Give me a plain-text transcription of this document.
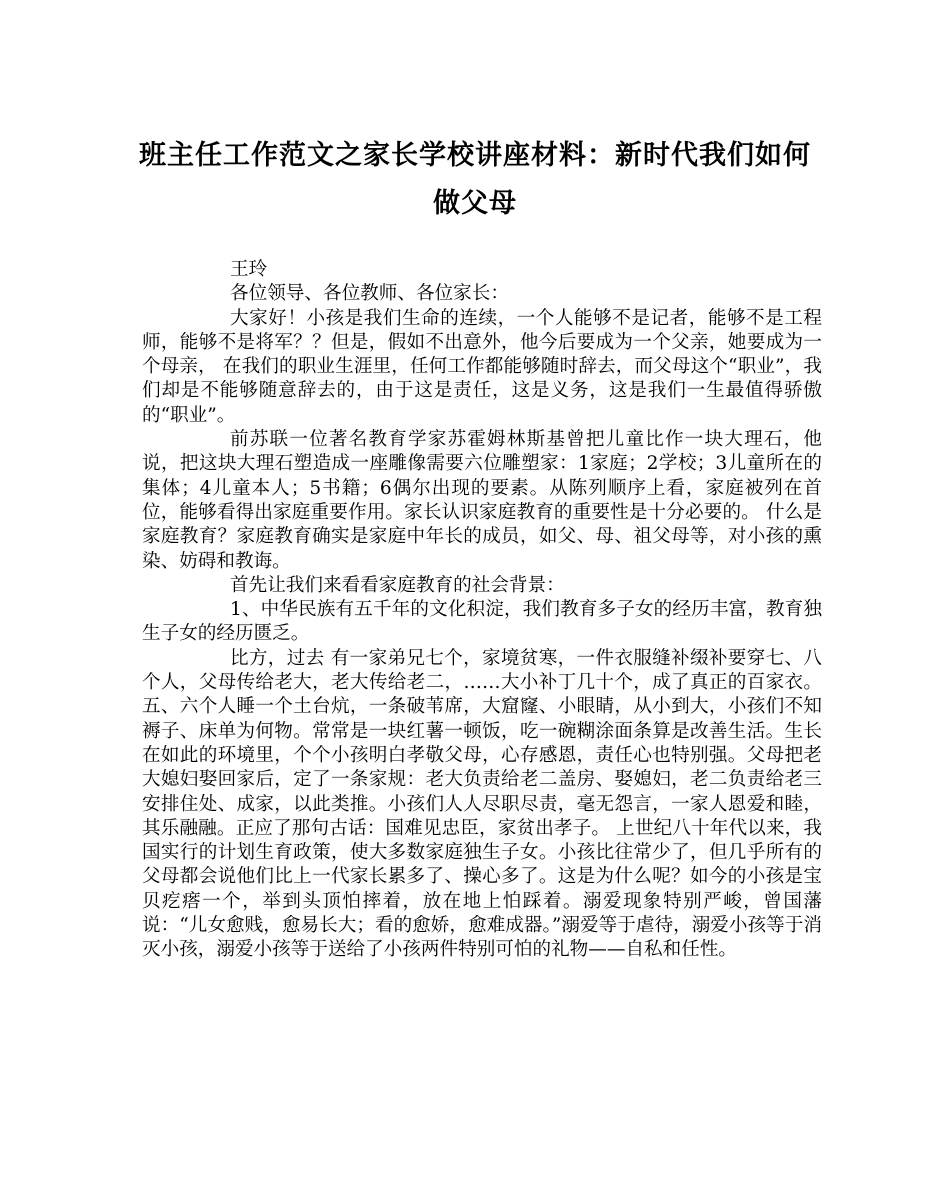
班主任工作范文之家长学校讲座材料：新时代我们如何做父母

王玲

各位领导、各位教师、各位家长：

大家好！小孩是我们生命的连续，一个人能够不是记者，能够不是工程师，能够不是将军？？但是，假如不出意外，他今后要成为一个父亲，她要成为一个母亲， 在我们的职业生涯里，任何工作都能够随时辞去，而父母这个“职业”，我们却是不能够随意辞去的，由于这是责任，这是义务，这是我们一生最值得骄傲的“职业”。

前苏联一位著名教育学家苏霍姆林斯基曾把儿童比作一块大理石，他说，把这块大理石塑造成一座雕像需要六位雕塑家：1家庭；2学校；3儿童所在的集体；4儿童本人；5书籍；6偶尔出现的要素。从陈列顺序上看，家庭被列在首位，能够看得出家庭重要作用。家长认识家庭教育的重要性是十分必要的。 什么是家庭教育？家庭教育确实是家庭中年长的成员，如父、母、祖父母等，对小孩的熏染、妨碍和教诲。

首先让我们来看看家庭教育的社会背景：

1、中华民族有五千年的文化积淀，我们教育多子女的经历丰富，教育独生子女的经历匮乏。

比方，过去 有一家弟兄七个，家境贫寒，一件衣服缝补缀补要穿七、八个人，父母传给老大，老大传给老二，……大小补丁几十个，成了真正的百家衣。五、六个人睡一个土台炕，一条破苇席，大窟窿、小眼睛，从小到大，小孩们不知褥子、床单为何物。常常是一块红薯一顿饭，吃一碗糊涂面条算是改善生活。生长在如此的环境里，个个小孩明白孝敬父母，心存感恩，责任心也特别强。父母把老大媳妇娶回家后，定了一条家规：老大负责给老二盖房、娶媳妇，老二负责给老三安排住处、成家，以此类推。小孩们人人尽职尽责，毫无怨言，一家人恩爱和睦，其乐融融。正应了那句古话：国难见忠臣，家贫出孝子。 上世纪八十年代以来，我国实行的计划生育政策，使大多数家庭独生子女。小孩比往常少了，但几乎所有的父母都会说他们比上一代家长累多了、操心多了。这是为什么呢？如今的小孩是宝贝疙瘩一个，举到头顶怕摔着，放在地上怕踩着。溺爱现象特别严峻，曾国藩说：“儿女愈贱，愈易长大；看的愈娇，愈难成器。”溺爱等于虐待，溺爱小孩等于消灭小孩，溺爱小孩等于送给了小孩两件特别可怕的礼物——自私和任性。
